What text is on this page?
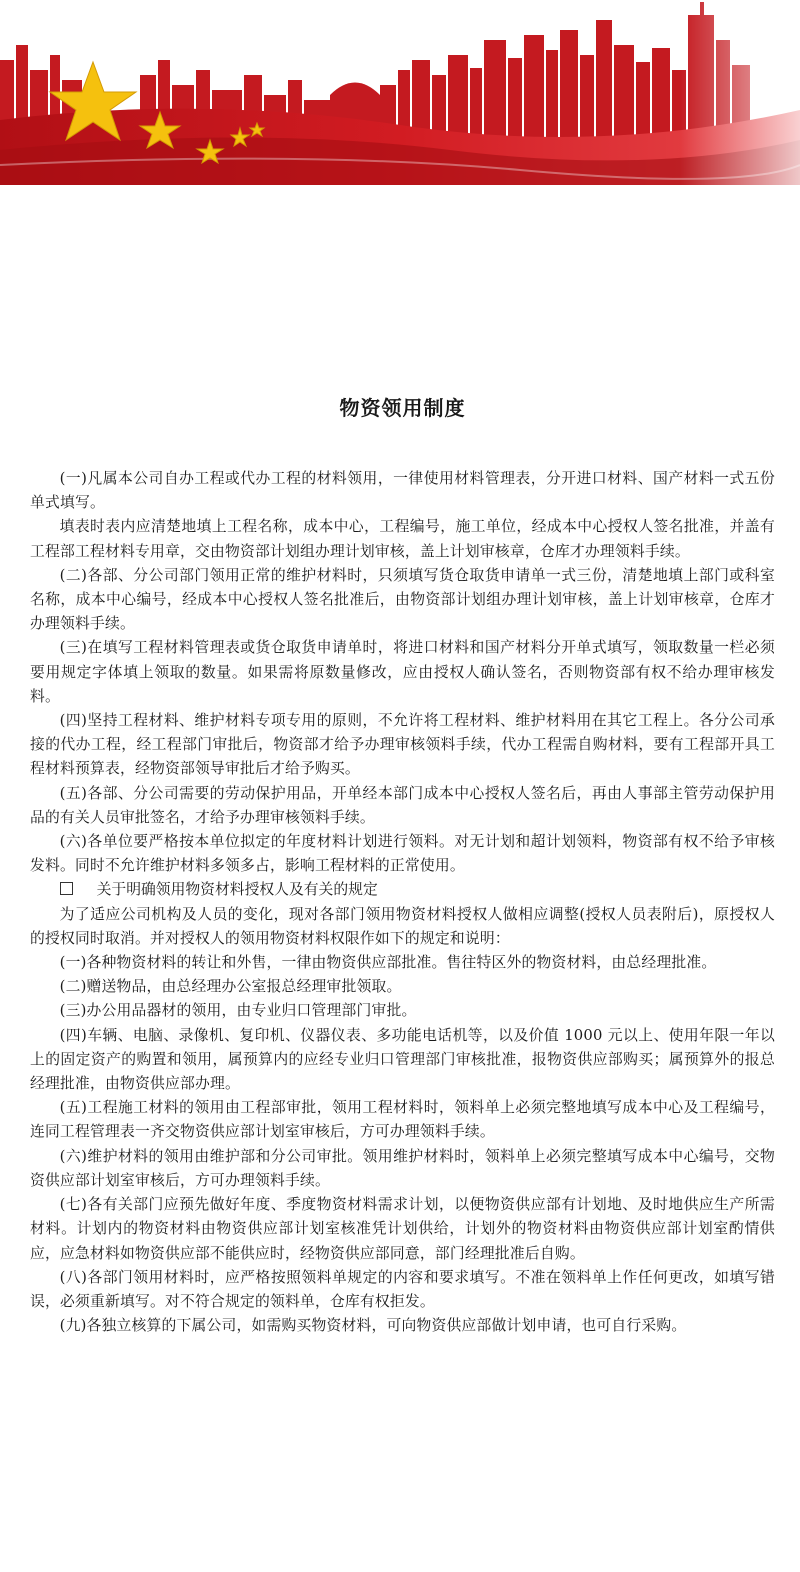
物资领用制度

(一)凡属本公司自办工程或代办工程的材料领用，一律使用材料管理表，分开进口材料、国产材料一式五份单式填写。

填表时表内应清楚地填上工程名称，成本中心，工程编号，施工单位，经成本中心授权人签名批准，并盖有工程部工程材料专用章，交由物资部计划组办理计划审核，盖上计划审核章，仓库才办理领料手续。

(二)各部、分公司部门领用正常的维护材料时，只须填写货仓取货申请单一式三份，清楚地填上部门或科室名称，成本中心编号，经成本中心授权人签名批准后，由物资部计划组办理计划审核，盖上计划审核章，仓库才办理领料手续。

(三)在填写工程材料管理表或货仓取货申请单时，将进口材料和国产材料分开单式填写，领取数量一栏必须要用规定字体填上领取的数量。如果需将原数量修改，应由授权人确认签名，否则物资部有权不给办理审核发料。

(四)坚持工程材料、维护材料专项专用的原则，不允许将工程材料、维护材料用在其它工程上。各分公司承接的代办工程，经工程部门审批后，物资部才给予办理审核领料手续，代办工程需自购材料，要有工程部开具工程材料预算表，经物资部领导审批后才给予购买。

(五)各部、分公司需要的劳动保护用品，开单经本部门成本中心授权人签名后，再由人事部主管劳动保护用品的有关人员审批签名，才给予办理审核领料手续。

(六)各单位要严格按本单位拟定的年度材料计划进行领料。对无计划和超计划领料，物资部有权不给予审核发料。同时不允许维护材料多领多占，影响工程材料的正常使用。

关于明确领用物资材料授权人及有关的规定

为了适应公司机构及人员的变化，现对各部门领用物资材料授权人做相应调整(授权人员表附后)，原授权人的授权同时取消。并对授权人的领用物资材料权限作如下的规定和说明：

(一)各种物资材料的转让和外售，一律由物资供应部批准。售往特区外的物资材料，由总经理批准。

(二)赠送物品，由总经理办公室报总经理审批领取。

(三)办公用品器材的领用，由专业归口管理部门审批。

(四)车辆、电脑、录像机、复印机、仪器仪表、多功能电话机等，以及价值 1000 元以上、使用年限一年以上的固定资产的购置和领用，属预算内的应经专业归口管理部门审核批准，报物资供应部购买；属预算外的报总经理批准，由物资供应部办理。

(五)工程施工材料的领用由工程部审批，领用工程材料时，领料单上必须完整地填写成本中心及工程编号，连同工程管理表一齐交物资供应部计划室审核后，方可办理领料手续。

(六)维护材料的领用由维护部和分公司审批。领用维护材料时，领料单上必须完整填写成本中心编号，交物资供应部计划室审核后，方可办理领料手续。

(七)各有关部门应预先做好年度、季度物资材料需求计划，以便物资供应部有计划地、及时地供应生产所需材料。计划内的物资材料由物资供应部计划室核准凭计划供给，计划外的物资材料由物资供应部计划室酌情供应，应急材料如物资供应部不能供应时，经物资供应部同意，部门经理批准后自购。

(八)各部门领用材料时，应严格按照领料单规定的内容和要求填写。不准在领料单上作任何更改，如填写错误，必须重新填写。对不符合规定的领料单，仓库有权拒发。

(九)各独立核算的下属公司，如需购买物资材料，可向物资供应部做计划申请，也可自行采购。
